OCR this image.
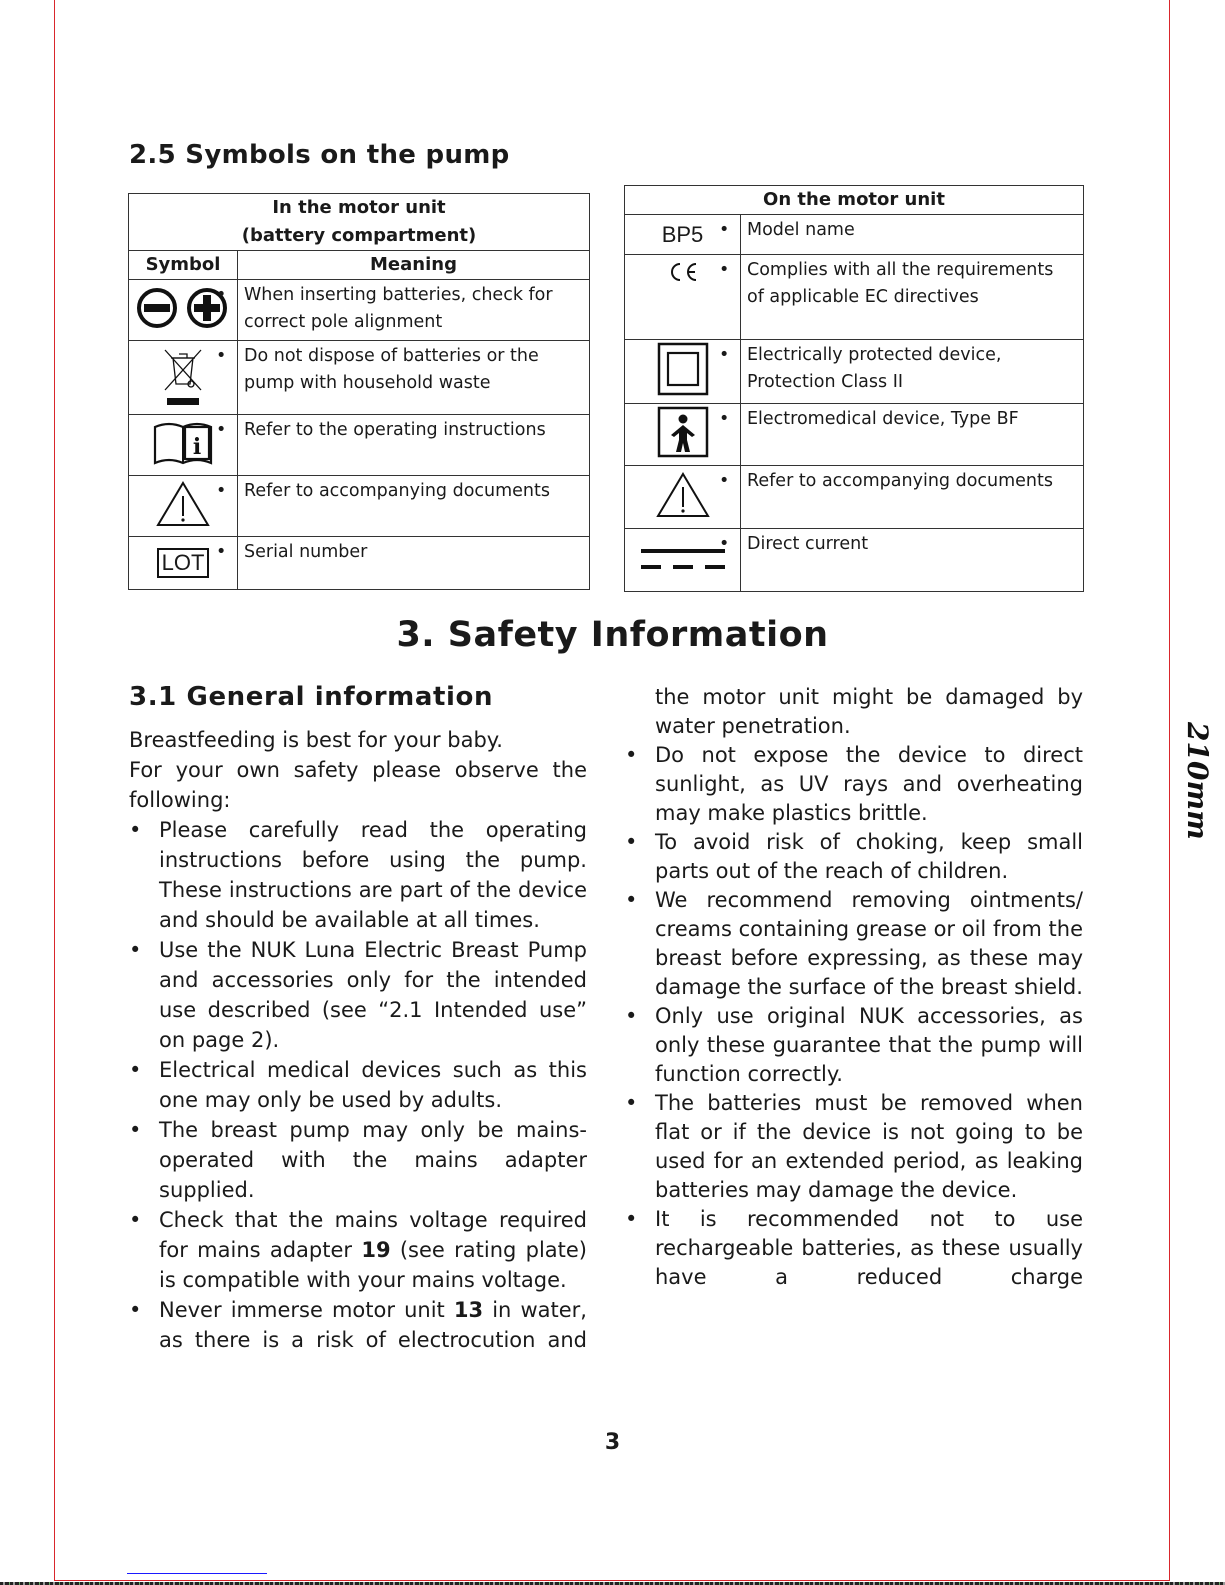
210mm
2.5 Symbols on the pump
In the motor unit
(battery compartment)	
Symbol	Meaning
	• When inserting batteries, check for correct pole alignment
	• Do not dispose of batteries or the pump with household waste

i	• Refer to the operating instructions
	• Refer to accompanying documents
LOT	• Serial number
On the motor unit	
BP5	• Model name
	• Complies with all the requirements of applicable EC directives
	• Electrically protected device, Protection Class II
	• Electromedical device, Type BF
	• Refer to accompanying documents
	• Direct current
3. Safety Information
3.1 General information

Breastfeeding is best for your baby.

For your own safety please observe the following:

• Please carefully read the operating instructions before using the pump. These instructions are part of the device and should be available at all times.
• Use the NUK Luna Electric Breast Pump and accessories only for the intended use described (see “2.1 Intended use” on page 2).
• Electrical medical devices such as this one may only be used by adults.
• The breast pump may only be mains-operated with the mains adapter supplied.
• Check that the mains voltage required for mains adapter 19 (see rating plate) is compatible with your mains voltage.
• Never immerse motor unit 13 in water, as there is a risk of electrocution and

the motor unit might be damaged by water penetration.

• Do not expose the device to direct sunlight, as UV rays and overheating may make plastics brittle.
• To avoid risk of choking, keep small parts out of the reach of children.
• We recommend removing ointments/ creams containing grease or oil from the breast before expressing, as these may damage the surface of the breast shield.
• Only use original NUK accessories, as only these guarantee that the pump will function correctly.
• The batteries must be removed when flat or if the device is not going to be used for an extended period, as leaking batteries may damage the device.
• It is recommended not to use rechargeable batteries, as these usually have a reduced charge
3
